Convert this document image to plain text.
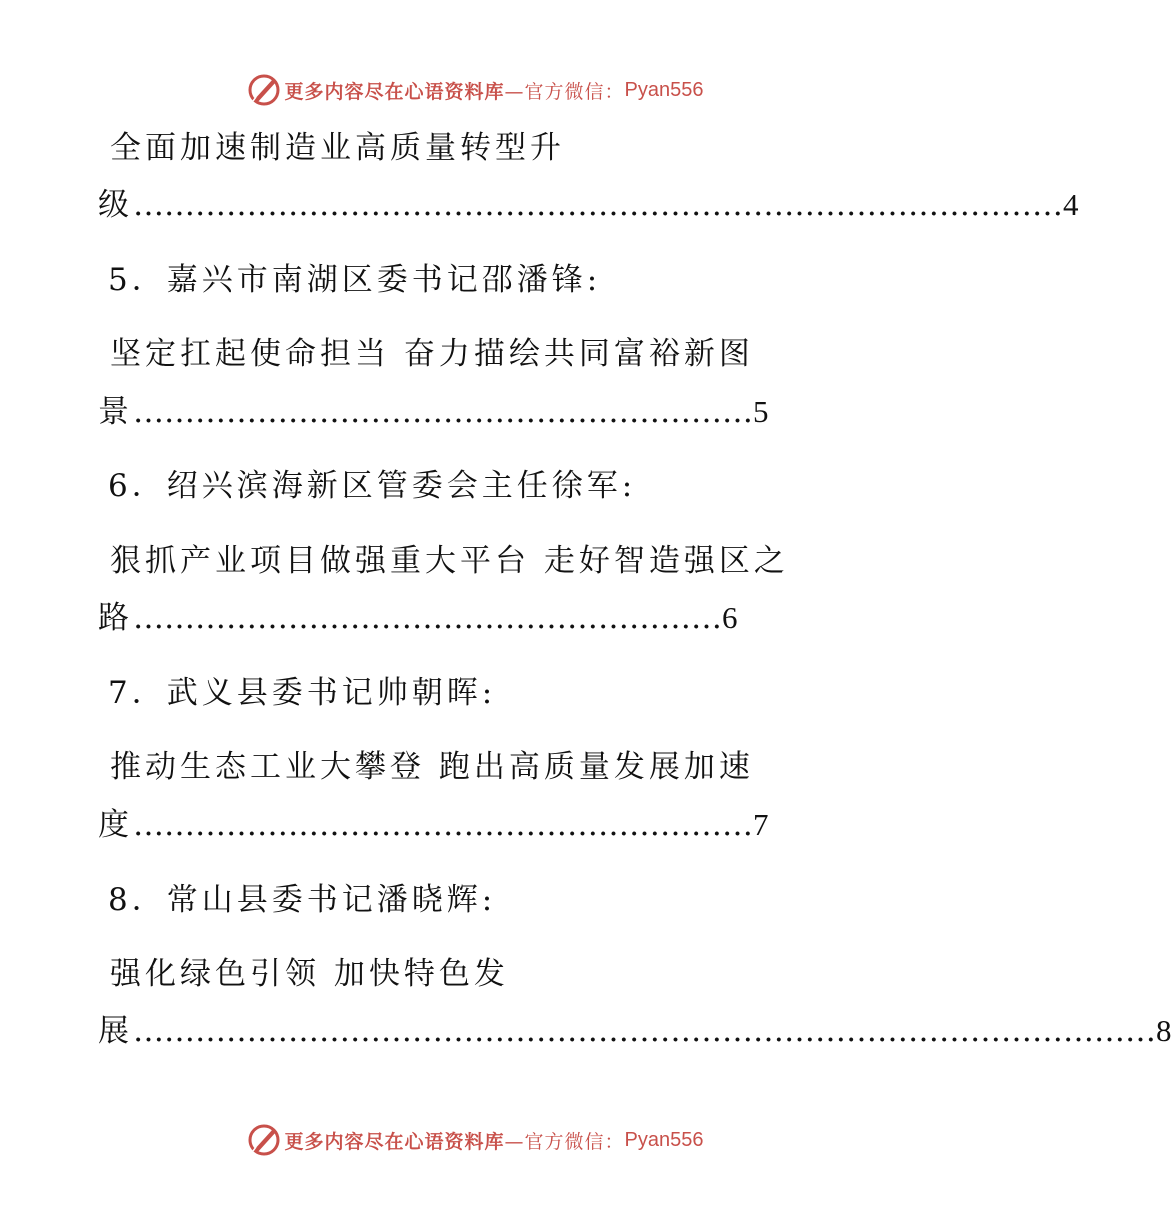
更多内容尽在心语资料库 —官方微信： Pyan556
全面加速制造业高质量转型升
级………………………………………………………………………………4
5．嘉兴市南湖区委书记邵潘锋:
坚定扛起使命担当 奋力描绘共同富裕新图
景……………………………………………………5
6．绍兴滨海新区管委会主任徐军:
狠抓产业项目做强重大平台 走好智造强区之
路…………………………………………………6
7．武义县委书记帅朝晖:
推动生态工业大攀登 跑出高质量发展加速
度……………………………………………………7
8．常山县委书记潘晓辉:
强化绿色引领 加快特色发
展………………………………………………………………………………………8
更多内容尽在心语资料库 —官方微信： Pyan556
